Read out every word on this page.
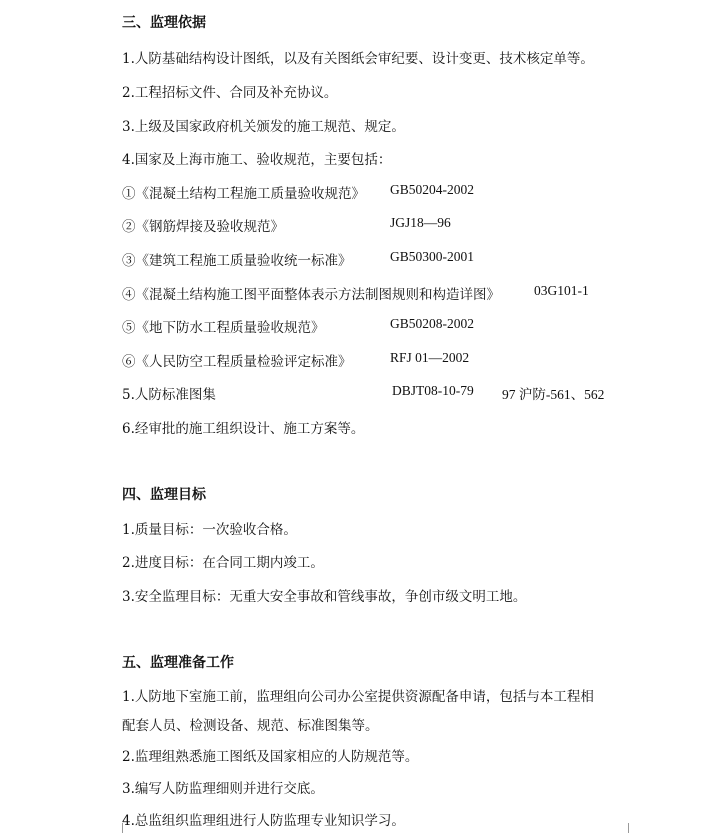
三、监理依据
1.人防基础结构设计图纸，以及有关图纸会审纪要、设计变更、技术核定单等。
2.工程招标文件、合同及补充协议。
3.上级及国家政府机关颁发的施工规范、规定。
4.国家及上海市施工、验收规范，主要包括：
①《混凝土结构工程施工质量验收规范》 GB50204-2002
②《钢筋焊接及验收规范》	JGJ18—96
③《建筑工程施工质量验收统一标准》	GB50300-2001
④《混凝土结构施工图平面整体表示方法制图规则和构造详图》	03G101-1
⑤《地下防水工程质量验收规范》	GB50208-2002
⑥《人民防空工程质量检验评定标准》	RFJ 01—2002
5.人防标准图集	DBJT08-10-79 97 沪防-561、562
6.经审批的施工组织设计、施工方案等。
四、监理目标
1.质量目标：一次验收合格。
2.进度目标：在合同工期内竣工。
3.安全监理目标：无重大安全事故和管线事故，争创市级文明工地。
五、监理准备工作
1.人防地下室施工前，监理组向公司办公室提供资源配备申请，包括与本工程相
配套人员、检测设备、规范、标准图集等。
2.监理组熟悉施工图纸及国家相应的人防规范等。
3.编写人防监理细则并进行交底。
4.总监组织监理组进行人防监理专业知识学习。
